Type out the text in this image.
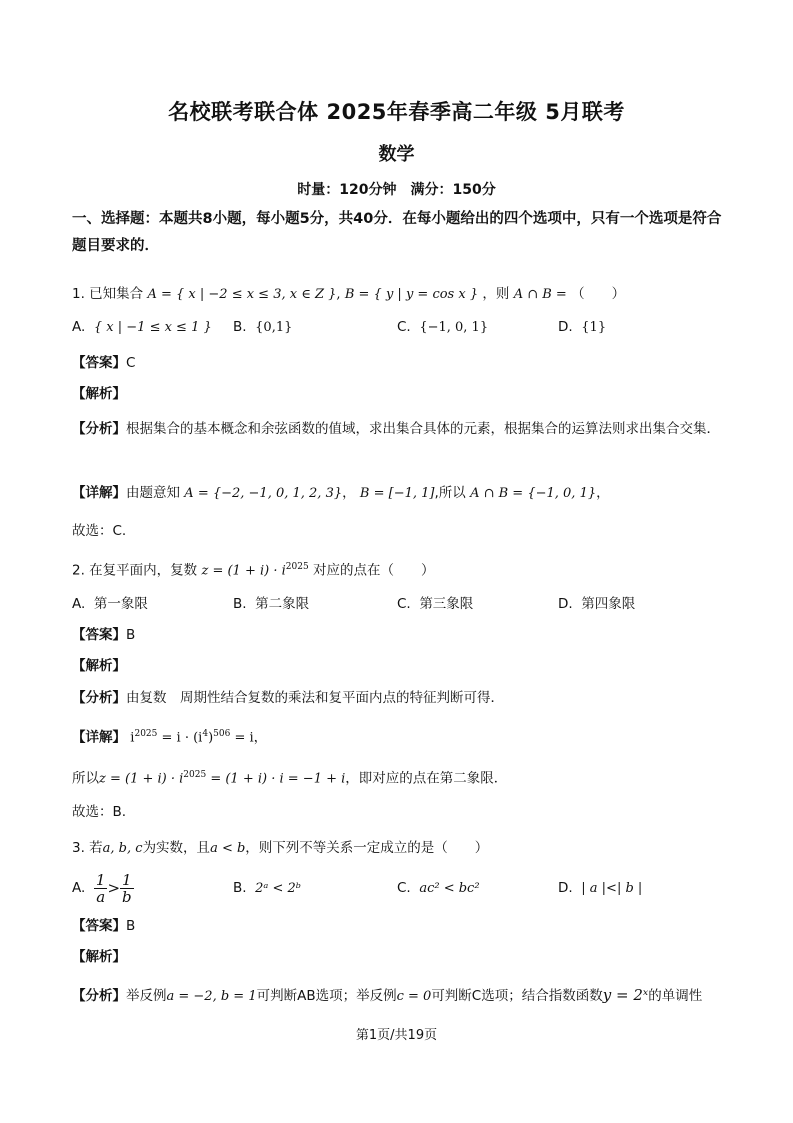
名校联考联合体 2025年春季高二年级 5月联考
数学
时量：120分钟　满分：150分
一、选择题：本题共8小题，每小题5分，共40分．在每小题给出的四个选项中，只有一个选项是符合题目要求的．
1. 已知集合 A = { x | −2 ≤ x ≤ 3, x ∈ Z }, B = { y | y = cos x } ，则 A ∩ B = （　　）
A. { x | −1 ≤ x ≤ 1 } B. {0,1}	C. {−1, 0, 1}	D. {1}
【答案】C
【解析】
【分析】根据集合的基本概念和余弦函数的值域，求出集合具体的元素，根据集合的运算法则求出集合交集．
【详解】由题意知 A = {−2, −1, 0, 1, 2, 3}， B = [−1, 1],所以 A ∩ B = {−1, 0, 1}，
故选：C.
2. 在复平面内，复数 $z = (1 + i) \cdot i^{2025}$ 对应的点在（　　）
A. 第一象限	B. 第二象限	C. 第三象限	D. 第四象限
【答案】B
【解析】
【分析】由复数　周期性结合复数的乘法和复平面内点的特征判断可得．
【详解】 $i^{2025} = i \cdot (i^4)^{506} = i$，
所以$z = (1 + i) \cdot i^{2025} = (1 + i) \cdot i = -1 + i$，即对应的点在第二象限．
故选：B.
3. 若a, b, c为实数，且a < b，则下列不等关系一定成立的是（　　）
A. $\frac{1}{a} > \frac{1}{b}$	B. 2ᵃ < 2ᵇ	C. ac² < bc²	D. | a |<| b |
【答案】B
【解析】
【分析】举反例a = −2, b = 1可判断AB选项；举反例c = 0可判断C选项；结合指数函数y = 2ˣ的单调性
第1页/共19页
